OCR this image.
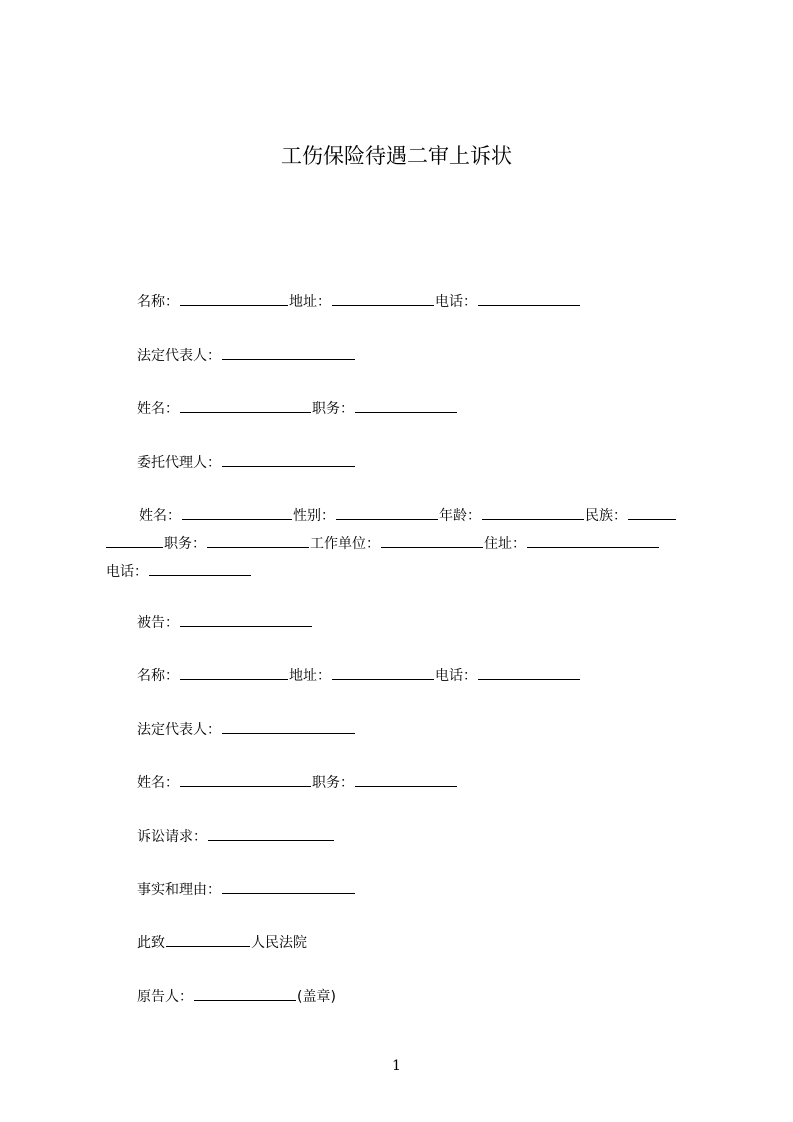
工伤保险待遇二审上诉状
名称：	地址：	电话：
法定代表人：
姓名：	职务：
委托代理人：
姓名：	性别：	年龄：	民族：
职务：	工作单位：	住址：
电话：
被告：
名称：	地址：	电话：
法定代表人：
姓名：	职务：
诉讼请求：
事实和理由：
此致	人民法院
原告人：	(盖章)
1
